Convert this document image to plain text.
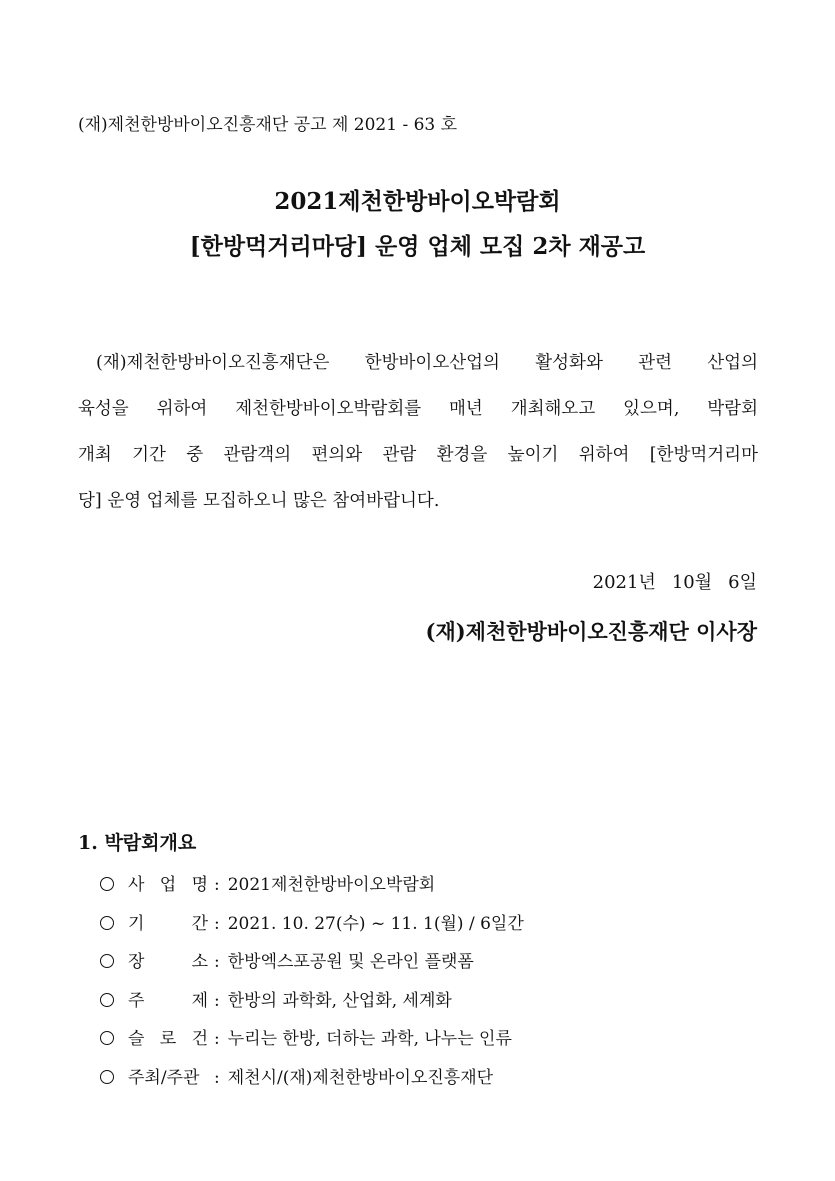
(재)제천한방바이오진흥재단 공고 제 2021 - 63 호
2021제천한방바이오박람회
[한방먹거리마당] 운영 업체 모집 2차 재공고
(재)제천한방바이오진흥재단은 한방바이오산업의 활성화와 관련 산업의
육성을 위하여 제천한방바이오박람회를 매년 개최해오고 있으며, 박람회
개최 기간 중 관람객의 편의와 관람 환경을 높이기 위하여 [한방먹거리마
당] 운영 업체를 모집하오니 많은 참여바랍니다.
2021년 10월 6일
(재)제천한방바이오진흥재단 이사장
1. 박람회개요
사 업 명 : 2021제천한방바이오박람회
기 간 : 2021. 10. 27(수) ~ 11. 1(월) / 6일간
장 소 : 한방엑스포공원 및 온라인 플랫폼
주 제 : 한방의 과학화, 산업화, 세계화
슬 로 건 : 누리는 한방, 더하는 과학, 나누는 인류
주최/주관 : 제천시/(재)제천한방바이오진흥재단
